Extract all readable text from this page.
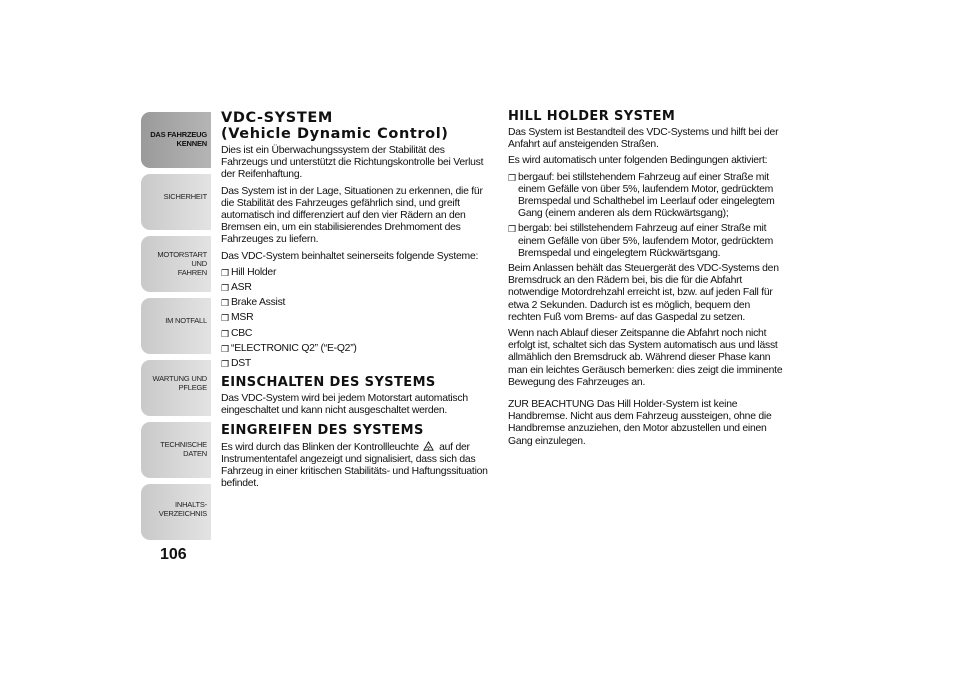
DAS FAHRZEUG
KENNEN
SICHERHEIT
MOTORSTART UND
FAHREN
IM NOTFALL
WARTUNG UND
PFLEGE
TECHNISCHE DATEN
INHALTS-
VERZEICHNIS
106
VDC-SYSTEM
(Vehicle Dynamic Control)
Dies ist ein Überwachungssystem der Stabilität des Fahrzeugs und unterstützt die Richtungskontrolle bei Verlust der Reifenhaftung.
Das System ist in der Lage, Situationen zu erkennen, die für die Stabilität des Fahrzeuges gefährlich sind, und greift automatisch ind differenziert auf den vier Rädern an den Bremsen ein, um ein stabilisierendes Drehmoment des Fahrzeuges zu liefern.
Das VDC-System beinhaltet seinerseits folgende Systeme:
❒ Hill Holder
❒ ASR
❒ Brake Assist
❒ MSR
❒ CBC
❒ “ELECTRONIC Q2” (“E-Q2”)
❒ DST
EINSCHALTEN DES SYSTEMS
Das VDC-System wird bei jedem Motorstart automatisch eingeschaltet und kann nicht ausgeschaltet werden.
EINGREIFEN DES SYSTEMS
Es wird durch das Blinken der Kontrollleuchte auf der Instrumententafel angezeigt und signalisiert, dass sich das Fahrzeug in einer kritischen Stabilitäts- und Haftungssituation befindet.
HILL HOLDER SYSTEM
Das System ist Bestandteil des VDC-Systems und hilft bei der Anfahrt auf ansteigenden Straßen.
Es wird automatisch unter folgenden Bedingungen aktiviert:
❒ bergauf: bei stillstehendem Fahrzeug auf einer Straße mit einem Gefälle von über 5%, laufendem Motor, gedrücktem Bremspedal und Schalthebel im Leerlauf oder eingelegtem Gang (einem anderen als dem Rückwärtsgang);
❒ bergab: bei stillstehendem Fahrzeug auf einer Straße mit einem Gefälle von über 5%, laufendem Motor, gedrücktem Bremspedal und eingelegtem Rückwärtsgang.
Beim Anlassen behält das Steuergerät des VDC-Systems den Bremsdruck an den Rädern bei, bis die für die Abfahrt notwendige Motordrehzahl erreicht ist, bzw. auf jeden Fall für etwa 2 Sekunden. Dadurch ist es möglich, bequem den rechten Fuß vom Brems- auf das Gaspedal zu setzen.
Wenn nach Ablauf dieser Zeitspanne die Abfahrt noch nicht erfolgt ist, schaltet sich das System automatisch aus und lässt allmählich den Bremsdruck ab. Während dieser Phase kann man ein leichtes Geräusch bemerken: dies zeigt die imminente Bewegung des Fahrzeuges an.
ZUR BEACHTUNG Das Hill Holder-System ist keine Handbremse. Nicht aus dem Fahrzeug aussteigen, ohne die Handbremse anzuziehen, den Motor abzustellen und einen Gang einzulegen.
